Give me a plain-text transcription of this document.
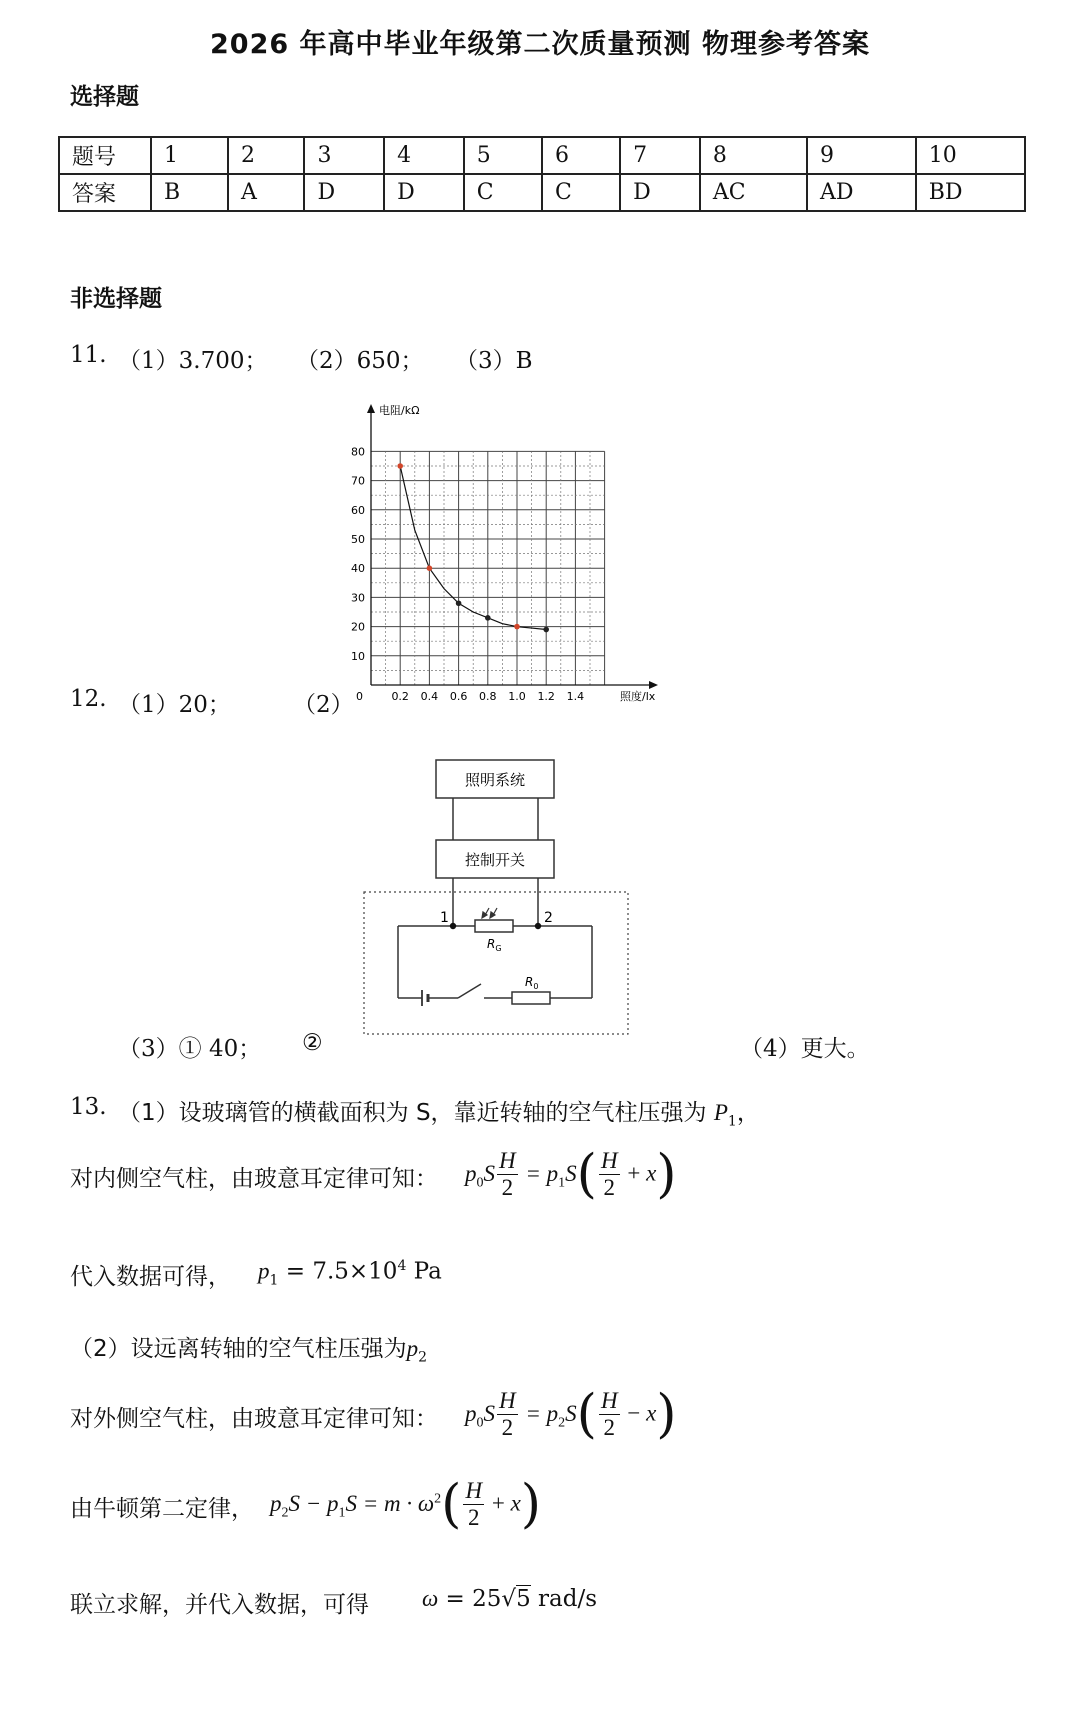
2026 年高中毕业年级第二次质量预测 物理参考答案
选择题
题号	1	2	3	4	5	6	7	8	9	10
答案	B	A	D	D	C	C	D	AC	AD	BD
非选择题
11. （1）3.700； （2）650； （3）B
80
70
60
50
40
30
20
10
0.2 0.4 0.6 0.8 1.0 1.2 1.4
电阻/kΩ
照度/lx
0
12. （1）20；	（2）
照明系统
控制开关
1	2
$R_G$
$R_0$
（3）① 40； ②	（4）更大。
13. （1）设玻璃管的横截面积为 S，靠近转轴的空气柱压强为 $P_1$，
对内侧空气柱，由玻意耳定律可知： $p_0S \frac{H}{2} = p_1S( \frac{H}{2} + x)$
代入数据可得， $p_1 = 7.5\times 10^4$ Pa
（2）设远离转轴的空气柱压强为$p_2$
对外侧空气柱，由玻意耳定律可知： $p_0S \frac{H}{2} = p_2S( \frac{H}{2} - x)$
由牛顿第二定律， $p_2S - p_1S = m \cdot \omega^2( \frac{H}{2} + x)$
联立求解，并代入数据，可得 ω = 25√5 rad/s
